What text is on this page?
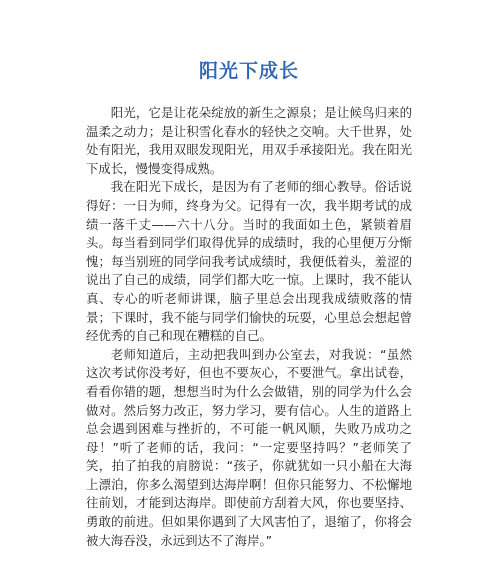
阳光下成长

阳光，它是让花朵绽放的新生之源泉；是让候鸟归来的温柔之动力；是让积雪化春水的轻快之交响。大千世界，处处有阳光，我用双眼发现阳光，用双手承接阳光。我在阳光下成长，慢慢变得成熟。

我在阳光下成长，是因为有了老师的细心教导。俗话说得好：一日为师，终身为父。记得有一次，我半期考试的成绩一落千丈——六十八分。当时的我面如土色，紧锁着眉头。每当看到同学们取得优异的成绩时，我的心里便万分惭愧；每当别班的同学问我考试成绩时，我便低着头，羞涩的说出了自己的成绩，同学们都大吃一惊。上课时，我不能认真、专心的听老师讲课，脑子里总会出现我成绩败落的情景；下课时，我不能与同学们愉快的玩耍，心里总会想起曾经优秀的自己和现在糟糕的自己。

老师知道后，主动把我叫到办公室去，对我说：“虽然这次考试你没考好，但也不要灰心，不要泄气。拿出试卷，看看你错的题，想想当时为什么会做错，别的同学为什么会做对。然后努力改正，努力学习，要有信心。人生的道路上总会遇到困难与挫折的，不可能一帆风顺，失败乃成功之母！”听了老师的话，我问：“一定要坚持吗？”老师笑了笑，拍了拍我的肩膀说：“孩子，你就犹如一只小船在大海上漂泊，你多么渴望到达海岸啊！但你只能努力、不松懈地往前划，才能到达海岸。即使前方刮着大风，你也要坚持、勇敢的前进。但如果你遇到了大风害怕了，退缩了，你将会被大海吞没，永远到达不了海岸。”
